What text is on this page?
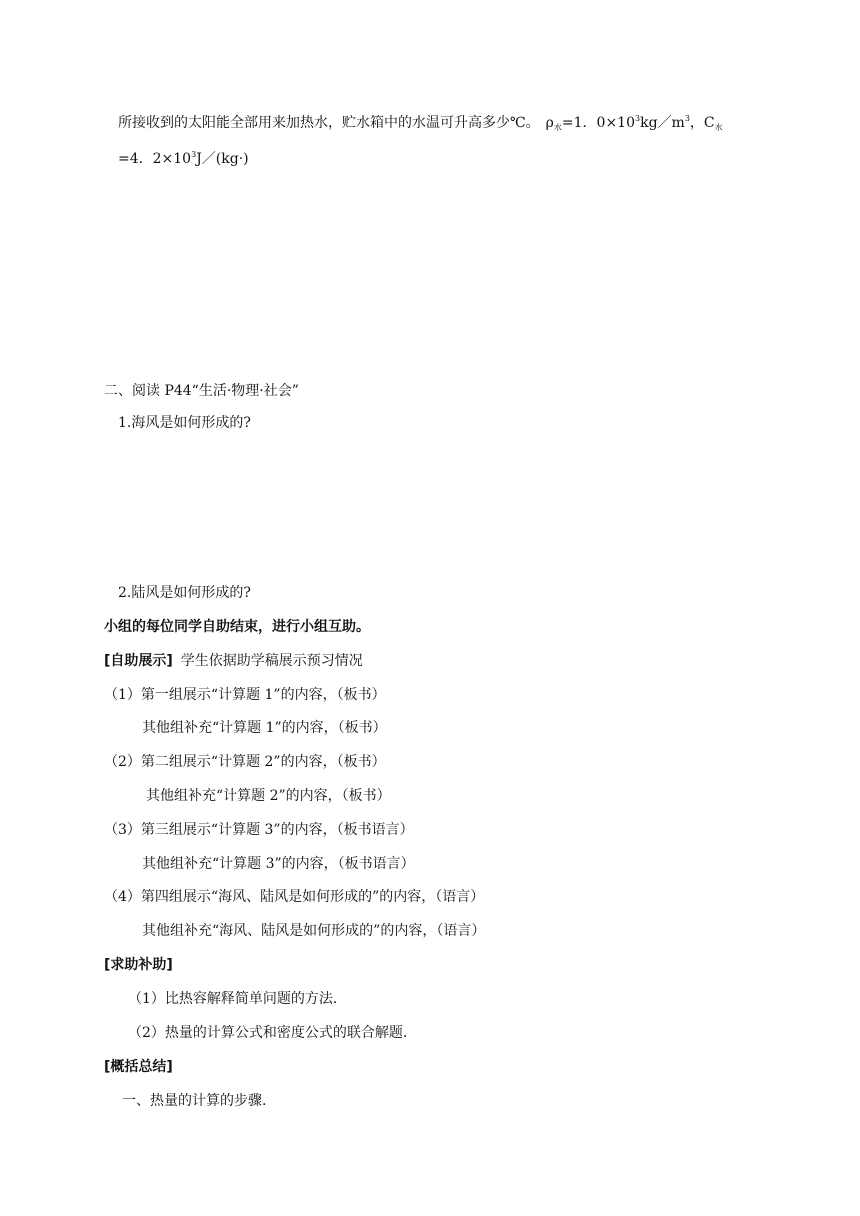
所接收到的太阳能全部用来加热水，贮水箱中的水温可升高多少℃。 $\rho_水=1$．$0\times 10^3kg/m^3$，$C_水$
=4．$2\times 10^3J/(kg\cdot)$
二、阅读 P44“生活·物理·社会”
1.海风是如何形成的?
2.陆风是如何形成的?
小组的每位同学自助结束，进行小组互助。
[自助展示] 学生依据助学稿展示预习情况
（1）第一组展示“计算题 1”的内容，（板书）
其他组补充“计算题 1”的内容，（板书）
（2）第二组展示“计算题 2”的内容，（板书）
其他组补充“计算题 2”的内容，（板书）
（3）第三组展示“计算题 3”的内容，（板书语言）
其他组补充“计算题 3”的内容，（板书语言）
（4）第四组展示“海风、陆风是如何形成的”的内容，（语言）
其他组补充“海风、陆风是如何形成的”的内容，（语言）
[求助补助]
（1）比热容解释简单问题的方法.
（2）热量的计算公式和密度公式的联合解题.
[概括总结]
一、热量的计算的步骤.
